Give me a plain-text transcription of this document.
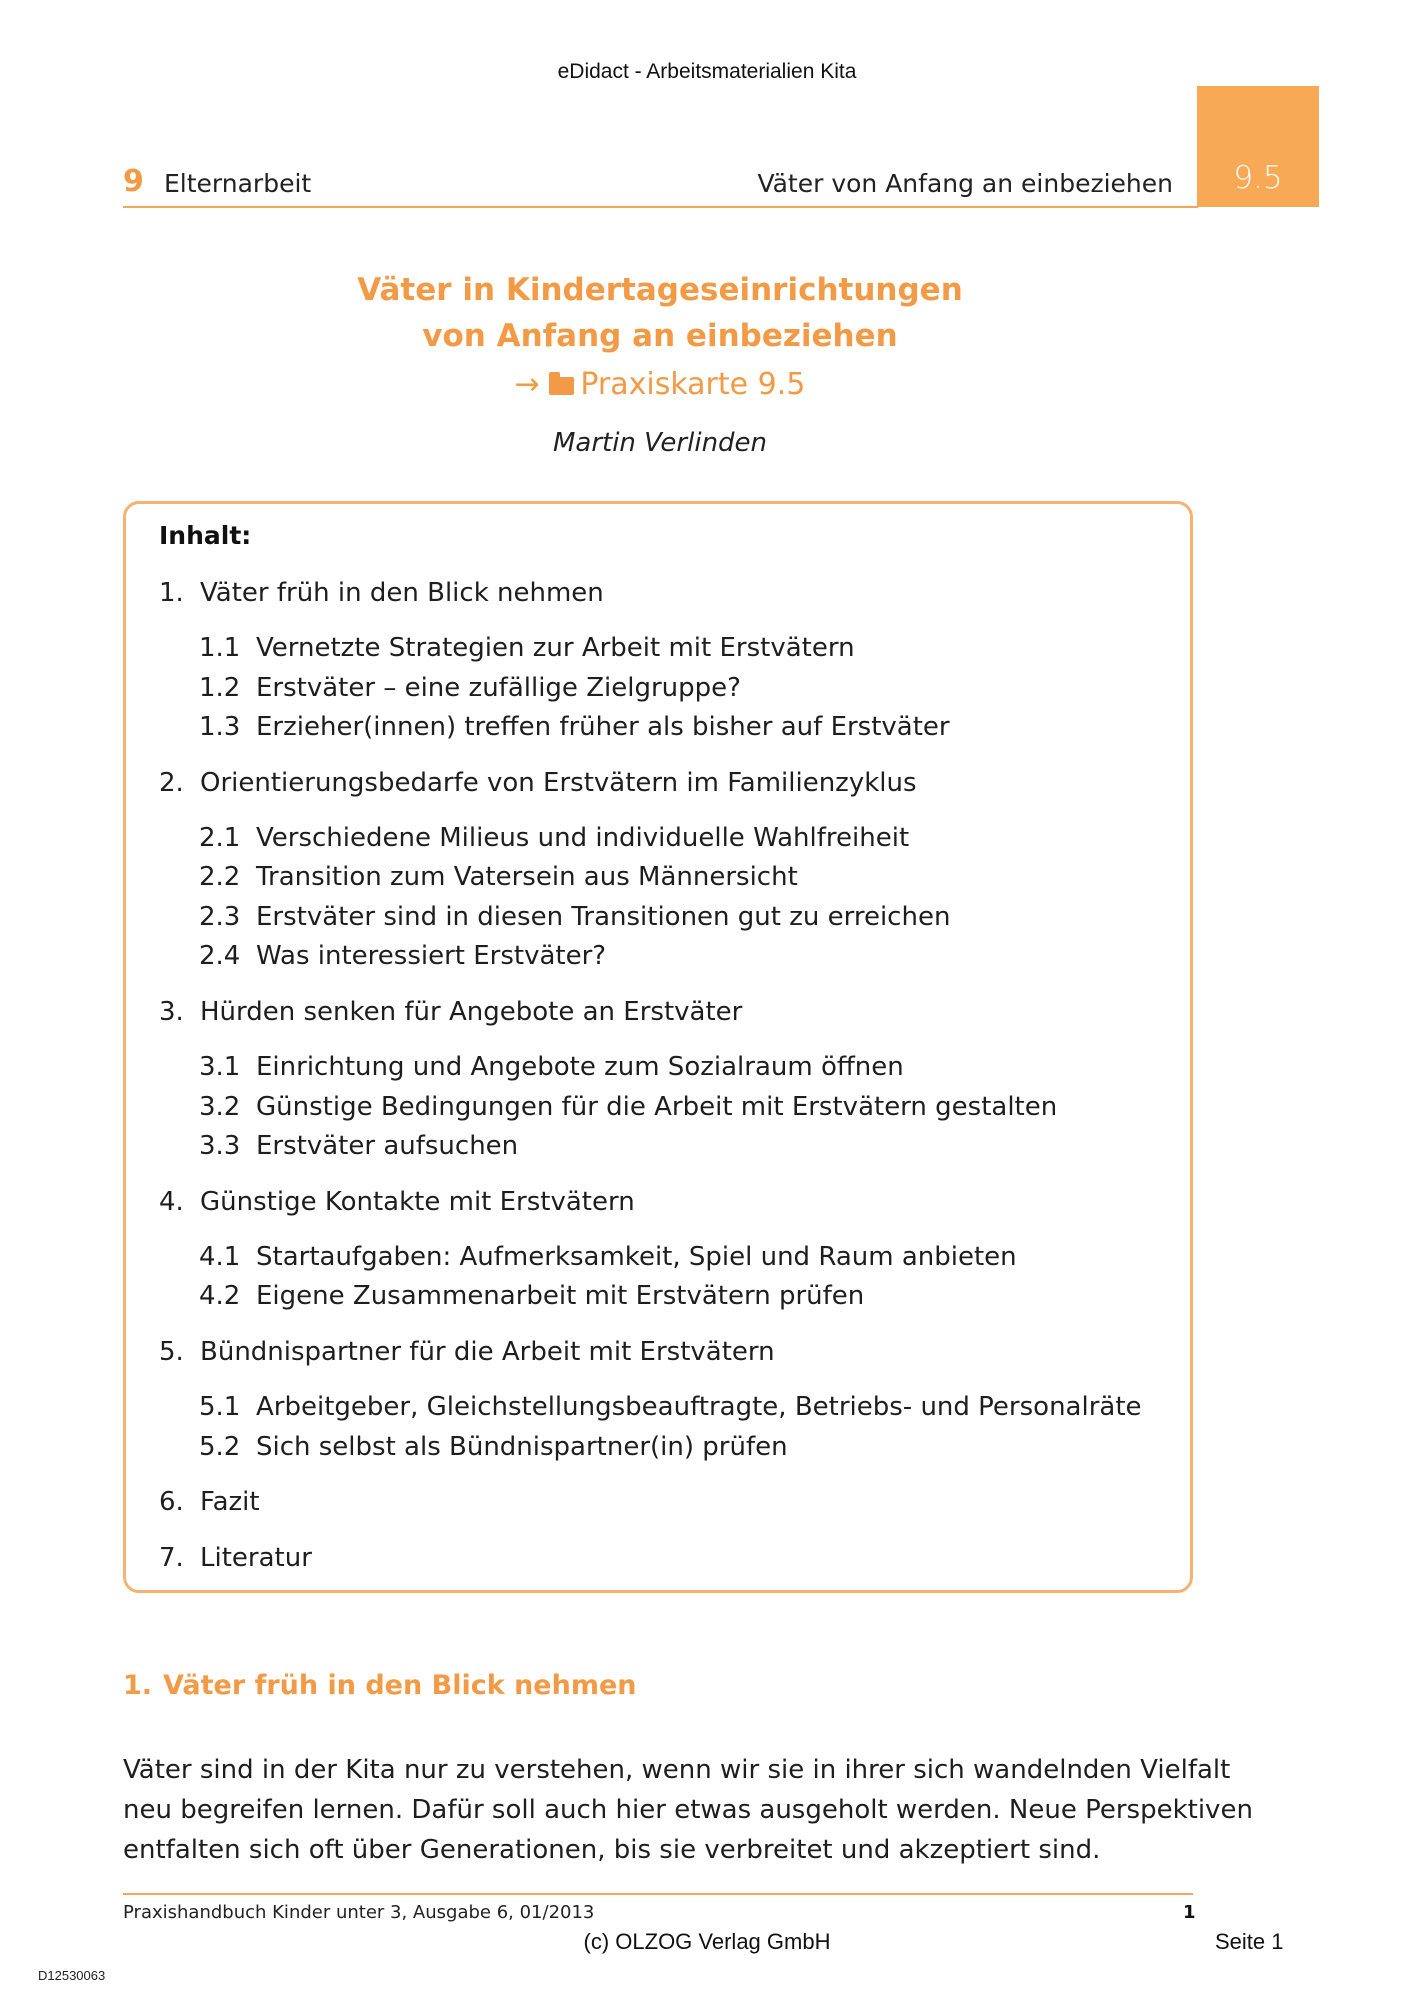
eDidact - Arbeitsmaterialien Kita
9.5
9 Elternarbeit	Väter von Anfang an einbeziehen
Väter in Kindertageseinrichtungen
von Anfang an einbeziehen
→ Praxiskarte 9.5
Martin Verlinden
Inhalt:
1. Väter früh in den Blick nehmen
1.1 Vernetzte Strategien zur Arbeit mit Erstvätern
1.2 Erstväter – eine zufällige Zielgruppe?
1.3 Erzieher(innen) treffen früher als bisher auf Erstväter
2. Orientierungsbedarfe von Erstvätern im Familienzyklus
2.1 Verschiedene Milieus und individuelle Wahlfreiheit
2.2 Transition zum Vatersein aus Männersicht
2.3 Erstväter sind in diesen Transitionen gut zu erreichen
2.4 Was interessiert Erstväter?
3. Hürden senken für Angebote an Erstväter
3.1 Einrichtung und Angebote zum Sozialraum öffnen
3.2 Günstige Bedingungen für die Arbeit mit Erstvätern gestalten
3.3 Erstväter aufsuchen
4. Günstige Kontakte mit Erstvätern
4.1 Startaufgaben: Aufmerksamkeit, Spiel und Raum anbieten
4.2 Eigene Zusammenarbeit mit Erstvätern prüfen
5. Bündnispartner für die Arbeit mit Erstvätern
5.1 Arbeitgeber, Gleichstellungsbeauftragte, Betriebs- und Personalräte
5.2 Sich selbst als Bündnispartner(in) prüfen
6. Fazit
7. Literatur
1. Väter früh in den Blick nehmen
Väter sind in der Kita nur zu verstehen, wenn wir sie in ihrer sich wandelnden Vielfalt
neu begreifen lernen. Dafür soll auch hier etwas ausgeholt werden. Neue Perspektiven
entfalten sich oft über Generationen, bis sie verbreitet und akzeptiert sind.
Praxishandbuch Kinder unter 3, Ausgabe 6, 01/2013	1
(c) OLZOG Verlag GmbH	Seite 1
D12530063
